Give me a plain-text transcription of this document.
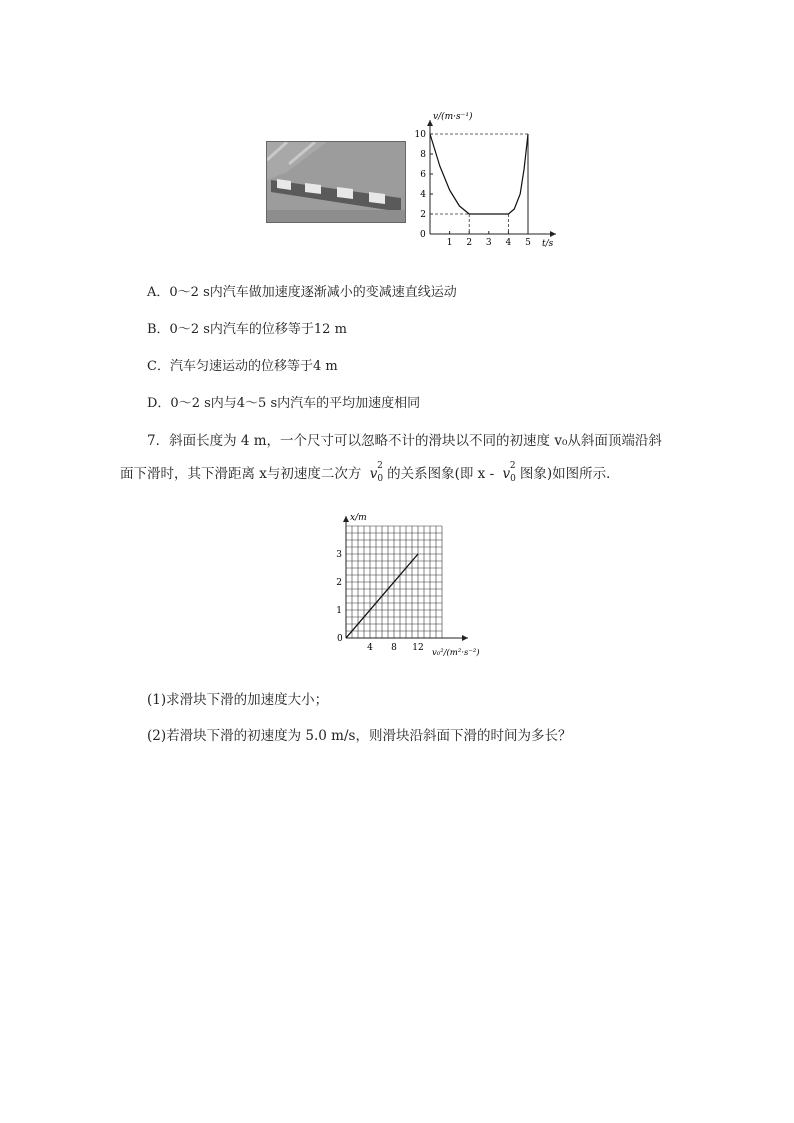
v/(m·s⁻¹)
t/s
0
2
4
6
8
10
1 2 3 4 5
A．0～2 s内汽车做加速度逐渐减小的变减速直线运动
B．0～2 s内汽车的位移等于12 m
C．汽车匀速运动的位移等于4 m
D．0～2 s内与4～5 s内汽车的平均加速度相同
7．斜面长度为 4 m，一个尺寸可以忽略不计的滑块以不同的初速度 v₀从斜面顶端沿斜
面下滑时，其下滑距离 x与初速度二次方 $v_0^2$ 的关系图象(即 x - $v_0^2$ 图象)如图所示．
x/m
v₀²/(m²·s⁻²)
0
1
2
3
4 8 12
(1)求滑块下滑的加速度大小；
(2)若滑块下滑的初速度为 5.0 m/s，则滑块沿斜面下滑的时间为多长？
